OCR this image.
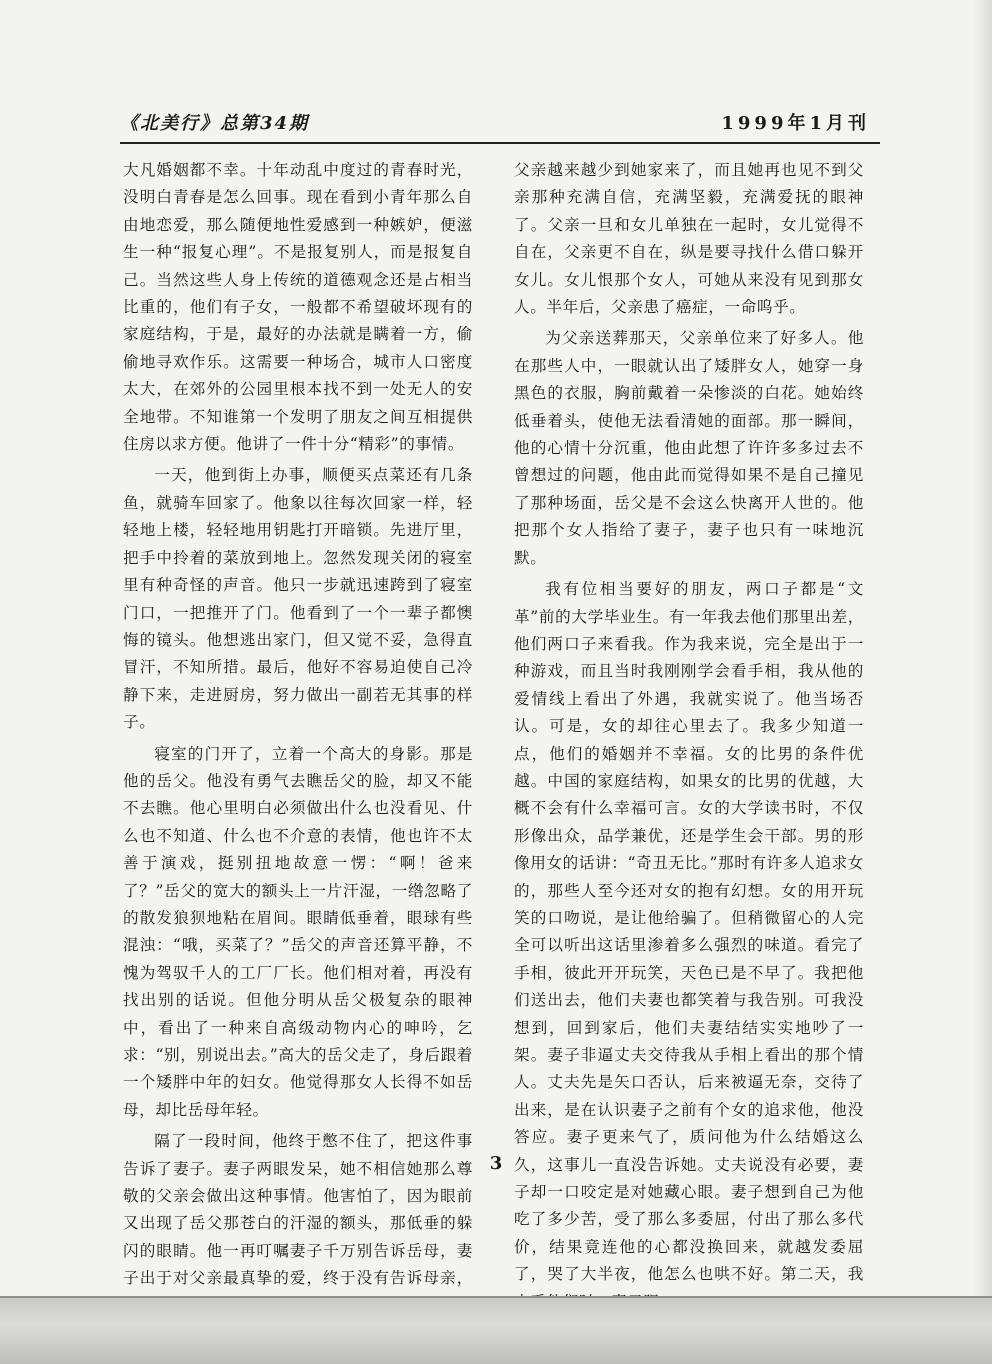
《北美行》总第34期	1999年1月刊

大凡婚姻都不幸。十年动乱中度过的青春时光，没明白青春是怎么回事。现在看到小青年那么自由地恋爱，那么随便地性爱感到一种嫉妒，便滋生一种“报复心理”。不是报复别人，而是报复自己。当然这些人身上传统的道德观念还是占相当比重的，他们有子女，一般都不希望破坏现有的家庭结构，于是，最好的办法就是瞒着一方，偷偷地寻欢作乐。这需要一种场合，城市人口密度太大，在郊外的公园里根本找不到一处无人的安全地带。不知谁第一个发明了朋友之间互相提供住房以求方便。他讲了一件十分“精彩”的事情。

一天，他到街上办事，顺便买点菜还有几条鱼，就骑车回家了。他象以往每次回家一样，轻轻地上楼，轻轻地用钥匙打开暗锁。先进厅里，把手中拎着的菜放到地上。忽然发现关闭的寝室里有种奇怪的声音。他只一步就迅速跨到了寝室门口，一把推开了门。他看到了一个一辈子都懊悔的镜头。他想逃出家门，但又觉不妥，急得直冒汗，不知所措。最后，他好不容易迫使自己冷静下来，走进厨房，努力做出一副若无其事的样子。

寝室的门开了，立着一个高大的身影。那是他的岳父。他没有勇气去瞧岳父的脸，却又不能不去瞧。他心里明白必须做出什么也没看见、什么也不知道、什么也不介意的表情，他也许不太善于演戏，挺别扭地故意一愣：“啊！爸来了？”岳父的宽大的额头上一片汗湿，一绺忽略了的散发狼狈地粘在眉间。眼睛低垂着，眼球有些混浊：“哦，买菜了？”岳父的声音还算平静，不愧为驾驭千人的工厂厂长。他们相对着，再没有找出别的话说。但他分明从岳父极复杂的眼神中，看出了一种来自高级动物内心的呻吟，乞求：“别，别说出去。”高大的岳父走了，身后跟着一个矮胖中年的妇女。他觉得那女人长得不如岳母，却比岳母年轻。

隔了一段时间，他终于憋不住了，把这件事告诉了妻子。妻子两眼发呆，她不相信她那么尊敬的父亲会做出这种事情。他害怕了，因为眼前又出现了岳父那苍白的汗湿的额头，那低垂的躲闪的眼睛。他一再叮嘱妻子千万别告诉岳母，妻子出于对父亲最真挚的爱，终于没有告诉母亲，

父亲越来越少到她家来了，而且她再也见不到父亲那种充满自信，充满坚毅，充满爱抚的眼神了。父亲一旦和女儿单独在一起时，女儿觉得不自在，父亲更不自在，纵是要寻找什么借口躲开女儿。女儿恨那个女人，可她从来没有见到那女人。半年后，父亲患了癌症，一命呜乎。

为父亲送葬那天，父亲单位来了好多人。他在那些人中，一眼就认出了矮胖女人，她穿一身黑色的衣服，胸前戴着一朵惨淡的白花。她始终低垂着头，使他无法看清她的面部。那一瞬间，他的心情十分沉重，他由此想了许许多多过去不曾想过的问题，他由此而觉得如果不是自己撞见了那种场面，岳父是不会这么快离开人世的。他把那个女人指给了妻子，妻子也只有一味地沉默。

我有位相当要好的朋友，两口子都是“文革”前的大学毕业生。有一年我去他们那里出差，他们两口子来看我。作为我来说，完全是出于一种游戏，而且当时我刚刚学会看手相，我从他的爱情线上看出了外遇，我就实说了。他当场否认。可是，女的却往心里去了。我多少知道一点，他们的婚姻并不幸福。女的比男的条件优越。中国的家庭结构，如果女的比男的优越，大概不会有什么幸福可言。女的大学读书时，不仅形像出众，品学兼优，还是学生会干部。男的形像用女的话讲：“奇丑无比。”那时有许多人追求女的，那些人至今还对女的抱有幻想。女的用开玩笑的口吻说，是让他给骗了。但稍微留心的人完全可以听出这话里渗着多么强烈的味道。看完了手相，彼此开开玩笑，天色已是不早了。我把他们送出去，他们夫妻也都笑着与我告别。可我没想到，回到家后，他们夫妻结结实实地吵了一架。妻子非逼丈夫交待我从手相上看出的那个情人。丈夫先是矢口否认，后来被逼无奈，交待了出来，是在认识妻子之前有个女的追求他，他没答应。妻子更来气了，质问他为什么结婚这么久，这事儿一直没告诉她。丈夫说没有必要，妻子却一口咬定是对她藏心眼。妻子想到自己为他吃了多少苦，受了那么多委屈，付出了那么多代价，结果竟连他的心都没换回来，就越发委屈了，哭了大半夜，他怎么也哄不好。第二天，我

3
